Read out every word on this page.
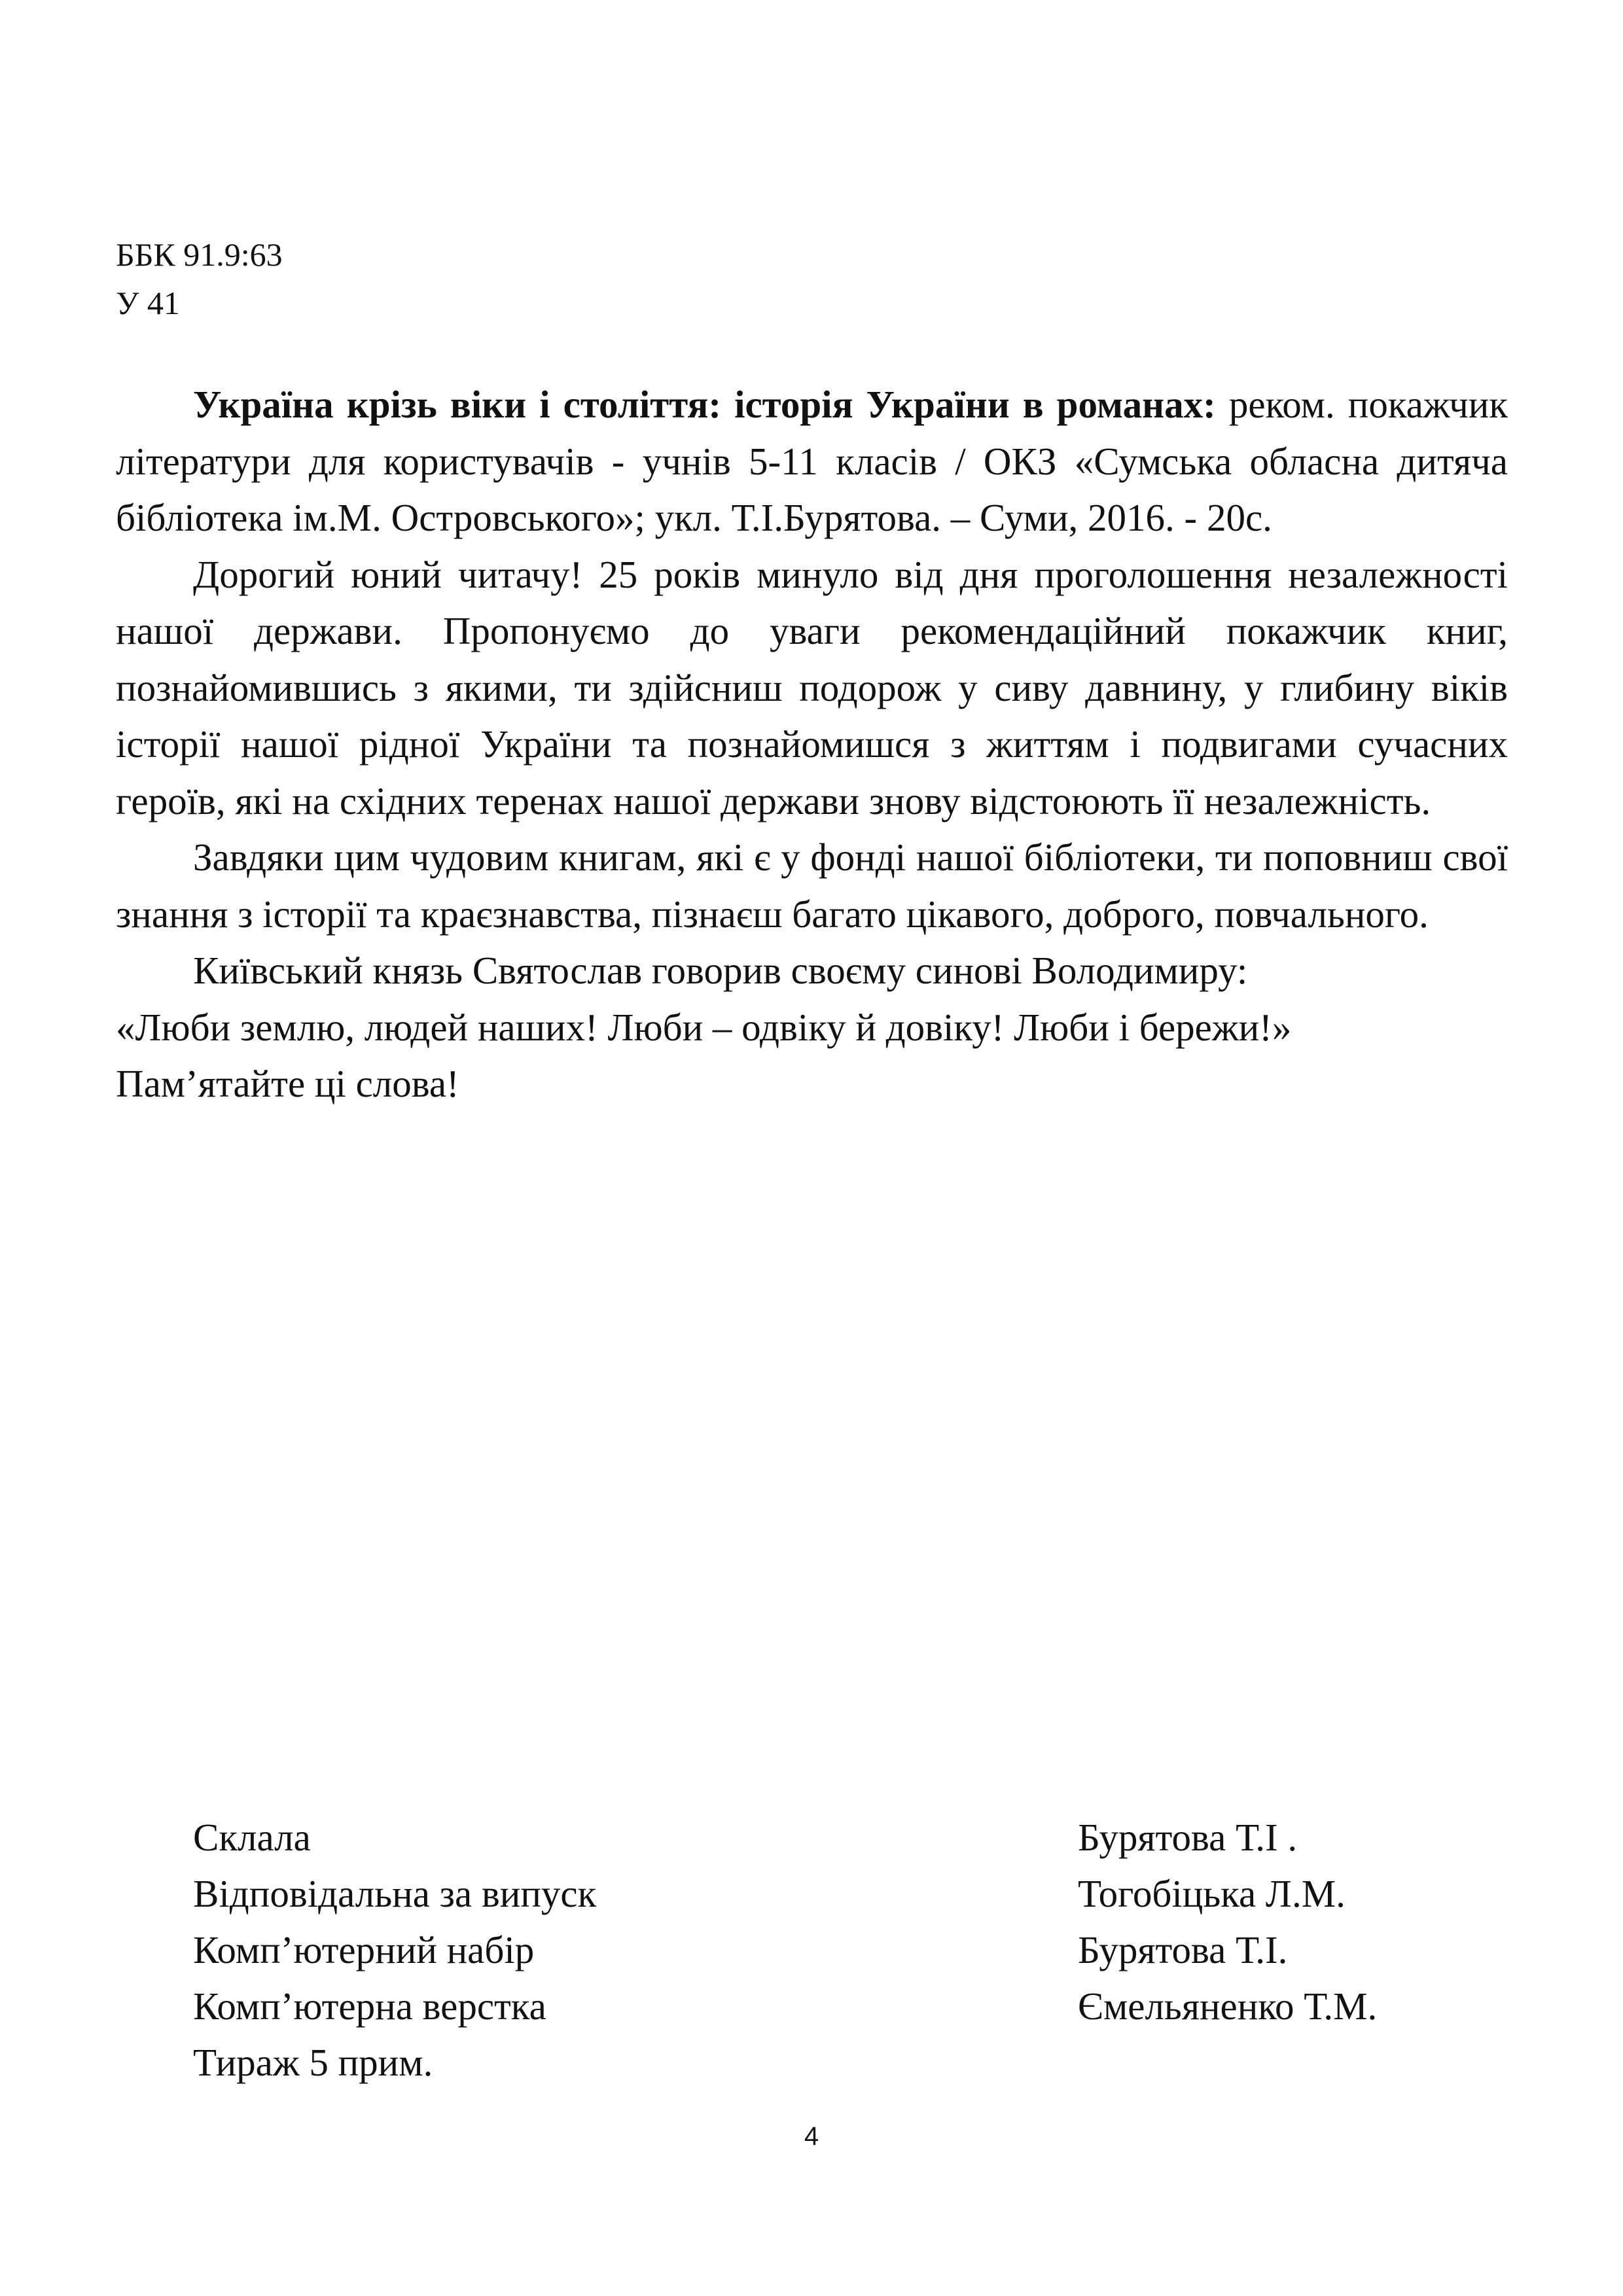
ББК 91.9:63
У 41

Україна крізь віки і століття: історія України в романах: реком. покажчик літератури для користувачів - учнів 5-11 класів / ОКЗ «Сумська обласна дитяча бібліотека ім.М. Островського»; укл. Т.І.Бурятова. – Суми, 2016. - 20с.

Дорогий юний читачу! 25 років минуло від дня проголошення незалежності нашої держави. Пропонуємо до уваги рекомендаційний покажчик книг, познайомившись з якими, ти здійсниш подорож у сиву давнину, у глибину віків історії нашої рідної України та познайомишся з життям і подвигами сучасних героїв, які на східних теренах нашої держави знову відстоюють її незалежність.

Завдяки цим чудовим книгам, які є у фонді нашої бібліотеки, ти поповниш свої знання з історії та краєзнавства, пізнаєш багато цікавого, доброго, повчального.

Київський князь Святослав говорив своєму синові Володимиру:

«Люби землю, людей наших! Люби – одвіку й довіку! Люби і бережи!»

Пам’ятайте ці слова!

Склала	Бурятова Т.І .
Відповідальна за випуск	Тогобіцька Л.М.
Комп’ютерний набір	Бурятова Т.І.
Комп’ютерна верстка	Ємельяненко Т.М.
Тираж 5 прим.
4
